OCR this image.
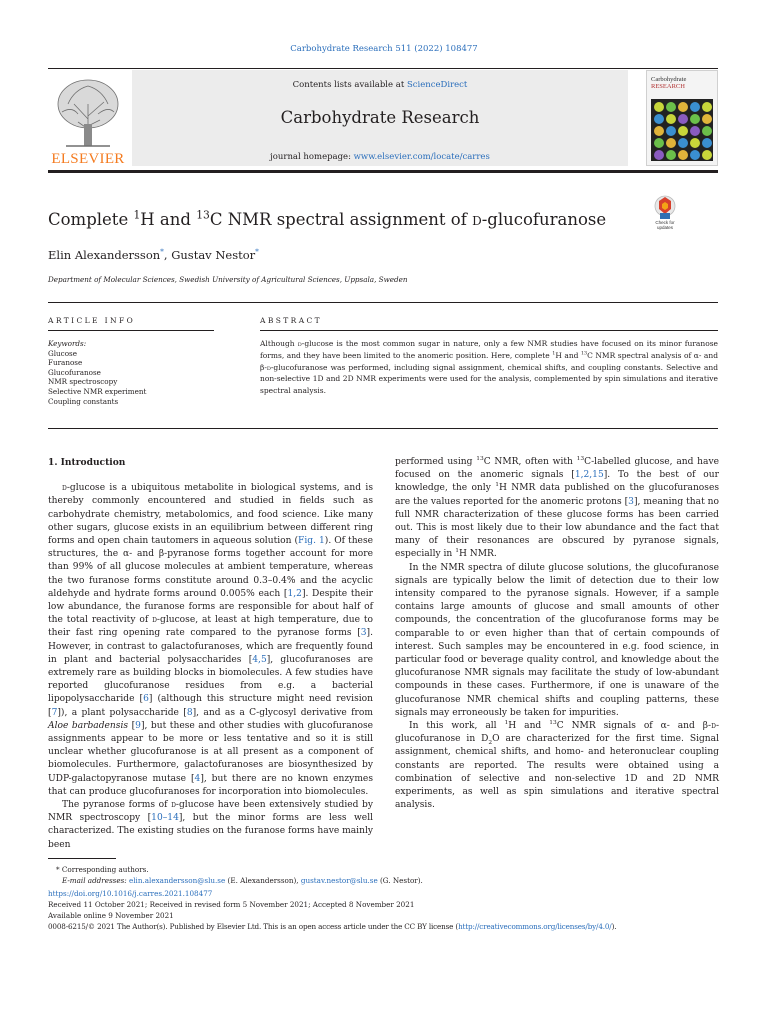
Carbohydrate Research 511 (2022) 108477
ELSEVIER
Contents lists available at ScienceDirect
Carbohydrate Research
journal homepage: www.elsevier.com/locate/carres
Carbohydrate
RESEARCH
Complete $^1$H and $^{13}$C NMR spectral assignment of d-glucofuranose	Check for
updates
Elin Alexandersson*, Gustav Nestor*
Department of Molecular Sciences, Swedish University of Agricultural Sciences, Uppsala, Sweden
ARTICLE INFO	ABSTRACT
Keywords:
Glucose
Furanose
Glucofuranose
NMR spectroscopy
Selective NMR experiment
Coupling constants
Although d-glucose is the most common sugar in nature, only a few NMR studies have focused on its minor furanose forms, and they have been limited to the anomeric position. Here, complete $^1$H and $^{13}$C NMR spectral analysis of α- and β-d-glucofuranose was performed, including signal assignment, chemical shifts, and coupling constants. Selective and non-selective 1D and 2D NMR experiments were used for the analysis, complemented by spin simulations and iterative spectral analysis.

1. Introduction

d-glucose is a ubiquitous metabolite in biological systems, and is thereby commonly encountered and studied in fields such as carbohydrate chemistry, metabolomics, and food science. Like many other sugars, glucose exists in an equilibrium between different ring forms and open chain tautomers in aqueous solution (Fig. 1). Of these structures, the α- and β-pyranose forms together account for more than 99% of all glucose molecules at ambient temperature, whereas the two furanose forms constitute around 0.3–0.4% and the acyclic aldehyde and hydrate forms around 0.005% each [1,2]. Despite their low abundance, the furanose forms are responsible for about half of the total reactivity of d-glucose, at least at high temperature, due to their fast ring opening rate compared to the pyranose forms [3]. However, in contrast to galactofuranoses, which are frequently found in plant and bacterial polysaccharides [4,5], glucofuranoses are extremely rare as building blocks in biomolecules. A few studies have reported glucofuranose residues from e.g. a bacterial lipopolysaccharide [6] (although this structure might need revision [7]), a plant polysaccharide [8], and as a C-glycosyl derivative from Aloe barbadensis [9], but these and other studies with glucofuranose assignments appear to be more or less tentative and so it is still unclear whether glucofuranose is at all present as a component of biomolecules. Furthermore, galactofuranoses are biosynthesized by UDP-galactopyranose mutase [4], but there are no known enzymes that can produce glucofuranoses for incorporation into biomolecules.

The pyranose forms of d-glucose have been extensively studied by NMR spectroscopy [10–14], but the minor forms are less well characterized. The existing studies on the furanose forms have mainly been

performed using $^{13}$C NMR, often with $^{13}$C-labelled glucose, and have focused on the anomeric signals [1,2,15]. To the best of our knowledge, the only $^1$H NMR data published on the glucofuranoses are the values reported for the anomeric protons [3], meaning that no full NMR characterization of these glucose forms has been carried out. This is most likely due to their low abundance and the fact that many of their resonances are obscured by pyranose signals, especially in $^1$H NMR.

In the NMR spectra of dilute glucose solutions, the glucofuranose signals are typically below the limit of detection due to their low intensity compared to the pyranose signals. However, if a sample contains large amounts of glucose and small amounts of other compounds, the concentration of the glucofuranose forms may be comparable to or even higher than that of certain compounds of interest. Such samples may be encountered in e.g. food science, in particular food or beverage quality control, and knowledge about the glucofuranose NMR signals may facilitate the study of low-abundant compounds in these cases. Furthermore, if one is unaware of the glucofuranose NMR chemical shifts and coupling patterns, these signals may erroneously be taken for impurities.

In this work, all $^1$H and $^{13}$C NMR signals of α- and β-d-glucofuranose in $D_2O$ are characterized for the first time. Signal assignment, chemical shifts, and homo- and heteronuclear coupling constants are reported. The results were obtained using a combination of selective and non-selective 1D and 2D NMR experiments, as well as spin simulations and iterative spectral analysis.

* Corresponding authors.
E-mail addresses: elin.alexandersson@slu.se (E. Alexandersson), gustav.nestor@slu.se (G. Nestor).
https://doi.org/10.1016/j.carres.2021.108477
Received 11 October 2021; Received in revised form 5 November 2021; Accepted 8 November 2021
Available online 9 November 2021
0008-6215/© 2021 The Author(s). Published by Elsevier Ltd. This is an open access article under the CC BY license (http://creativecommons.org/licenses/by/4.0/).
